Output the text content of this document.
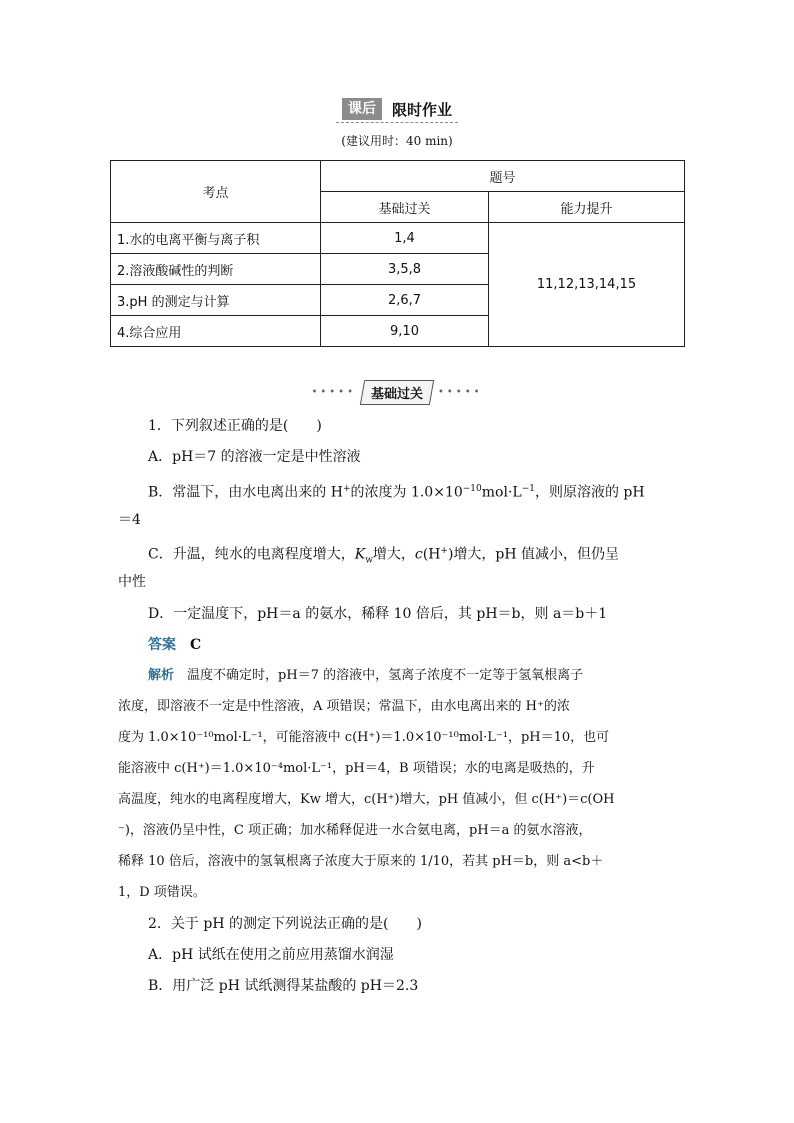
课后	限时作业
(建议用时：40 min)
考点	题号	
	基础过关	能力提升
1.水的电离平衡与离子积	1,4	11,12,13,14,15
2.溶液酸碱性的判断	3,5,8	
3.pH 的测定与计算	2,6,7	
4.综合应用	9,10	
•••••	基础过关	•••••
1．下列叙述正确的是(　　)
A．pH＝7 的溶液一定是中性溶液
B．常温下，由水电离出来的 H+的浓度为 $1.0\times 10^{-10}mol\cdot L^{-1}$，则原溶液的 pH
＝4
C．升温，纯水的电离程度增大，$K_w$增大，c(H+)增大，pH 值减小，但仍呈
中性
D．一定温度下，pH＝a 的氨水，稀释 10 倍后，其 pH＝b，则 a＝b＋1
答案　 C
解析　 温度不确定时，pH＝7 的溶液中，氢离子浓度不一定等于氢氧根离子
浓度，即溶液不一定是中性溶液，A 项错误；常温下，由水电离出来的 H⁺的浓
度为 1.0×10⁻¹⁰mol·L⁻¹，可能溶液中 c(H⁺)＝1.0×10⁻¹⁰mol·L⁻¹，pH＝10，也可
能溶液中 c(H⁺)＝1.0×10⁻⁴mol·L⁻¹，pH＝4，B 项错误；水的电离是吸热的，升
高温度，纯水的电离程度增大，Kw 增大，c(H⁺)增大，pH 值减小，但 c(H⁺)＝c(OH
⁻)，溶液仍呈中性，C 项正确；加水稀释促进一水合氨电离，pH＝a 的氨水溶液，
稀释 10 倍后，溶液中的氢氧根离子浓度大于原来的 1/10，若其 pH＝b，则 a<b＋
1，D 项错误。
2．关于 pH 的测定下列说法正确的是(　　)
A．pH 试纸在使用之前应用蒸馏水润湿
B．用广泛 pH 试纸测得某盐酸的 pH＝2.3
